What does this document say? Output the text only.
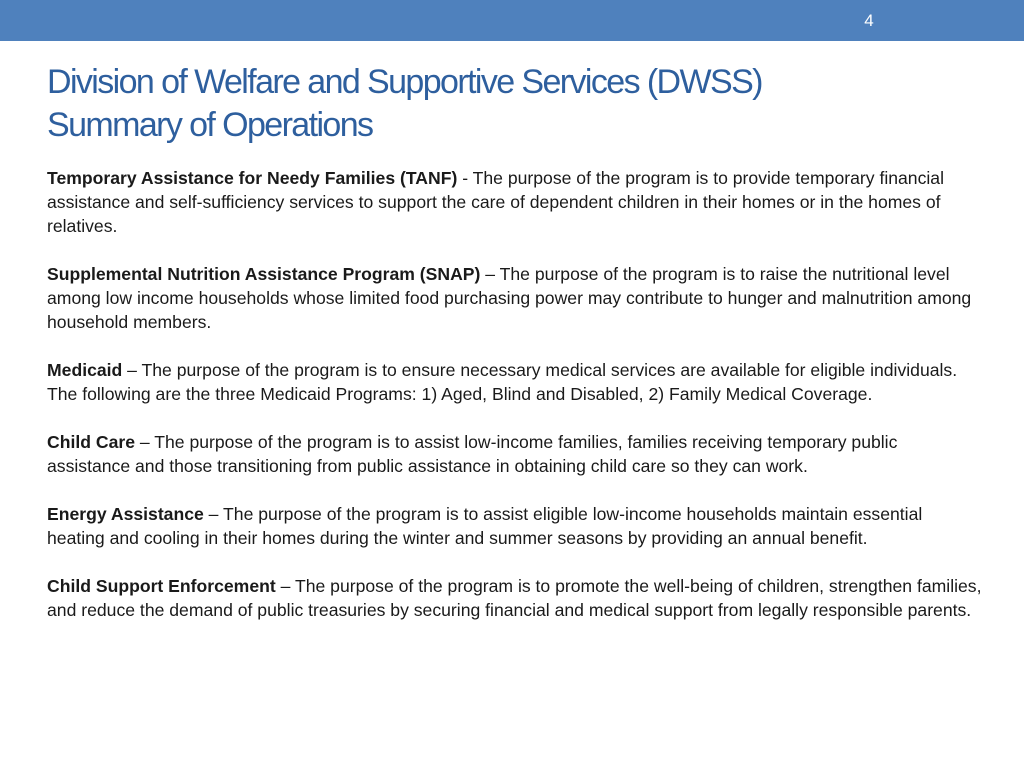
4
Division of Welfare and Supportive Services (DWSS)
Summary of Operations

Temporary Assistance for Needy Families (TANF) - The purpose of the program is to provide temporary financial assistance and self-sufficiency services to support the care of dependent children in their homes or in the homes of relatives.

Supplemental Nutrition Assistance Program (SNAP) – The purpose of the program is to raise the nutritional level among low income households whose limited food purchasing power may contribute to hunger and malnutrition among household members.

Medicaid – The purpose of the program is to ensure necessary medical services are available for eligible individuals. The following are the three Medicaid Programs: 1) Aged, Blind and Disabled, 2) Family Medical Coverage.

Child Care – The purpose of the program is to assist low-income families, families receiving temporary public assistance and those transitioning from public assistance in obtaining child care so they can work.

Energy Assistance – The purpose of the program is to assist eligible low-income households maintain essential heating and cooling in their homes during the winter and summer seasons by providing an annual benefit.

Child Support Enforcement – The purpose of the program is to promote the well-being of children, strengthen families, and reduce the demand of public treasuries by securing financial and medical support from legally responsible parents.
